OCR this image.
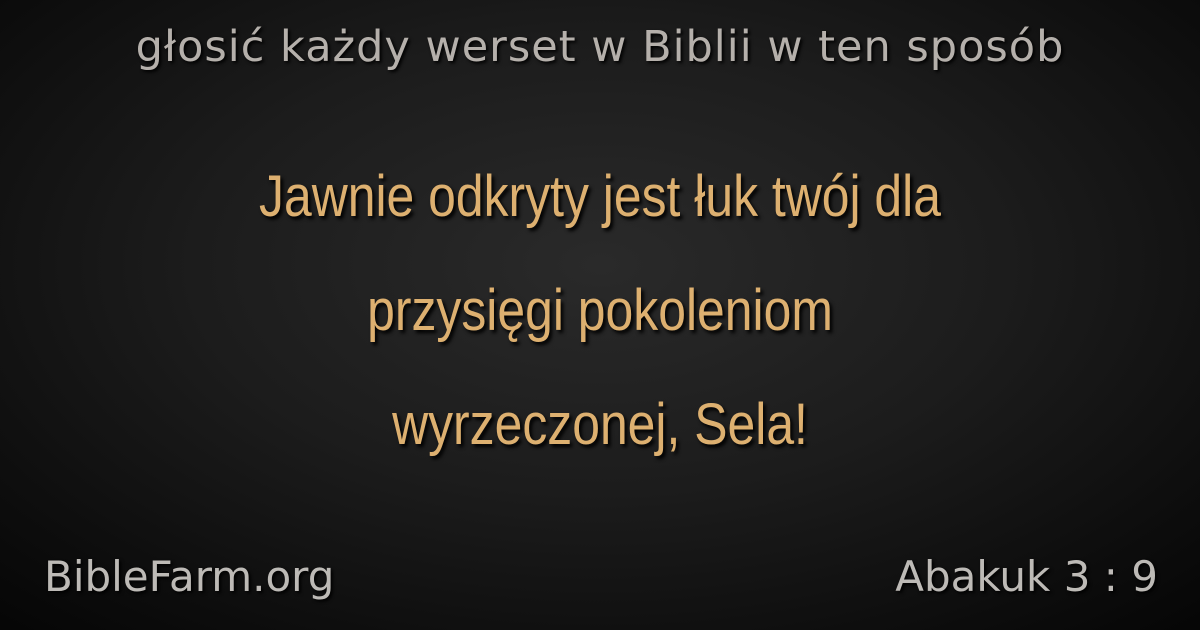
głosić każdy werset w Biblii w ten sposób
Jawnie odkryty jest łuk twój dla
przysięgi pokoleniom
wyrzeczonej, Sela!
BibleFarm.org	Abakuk 3 : 9
